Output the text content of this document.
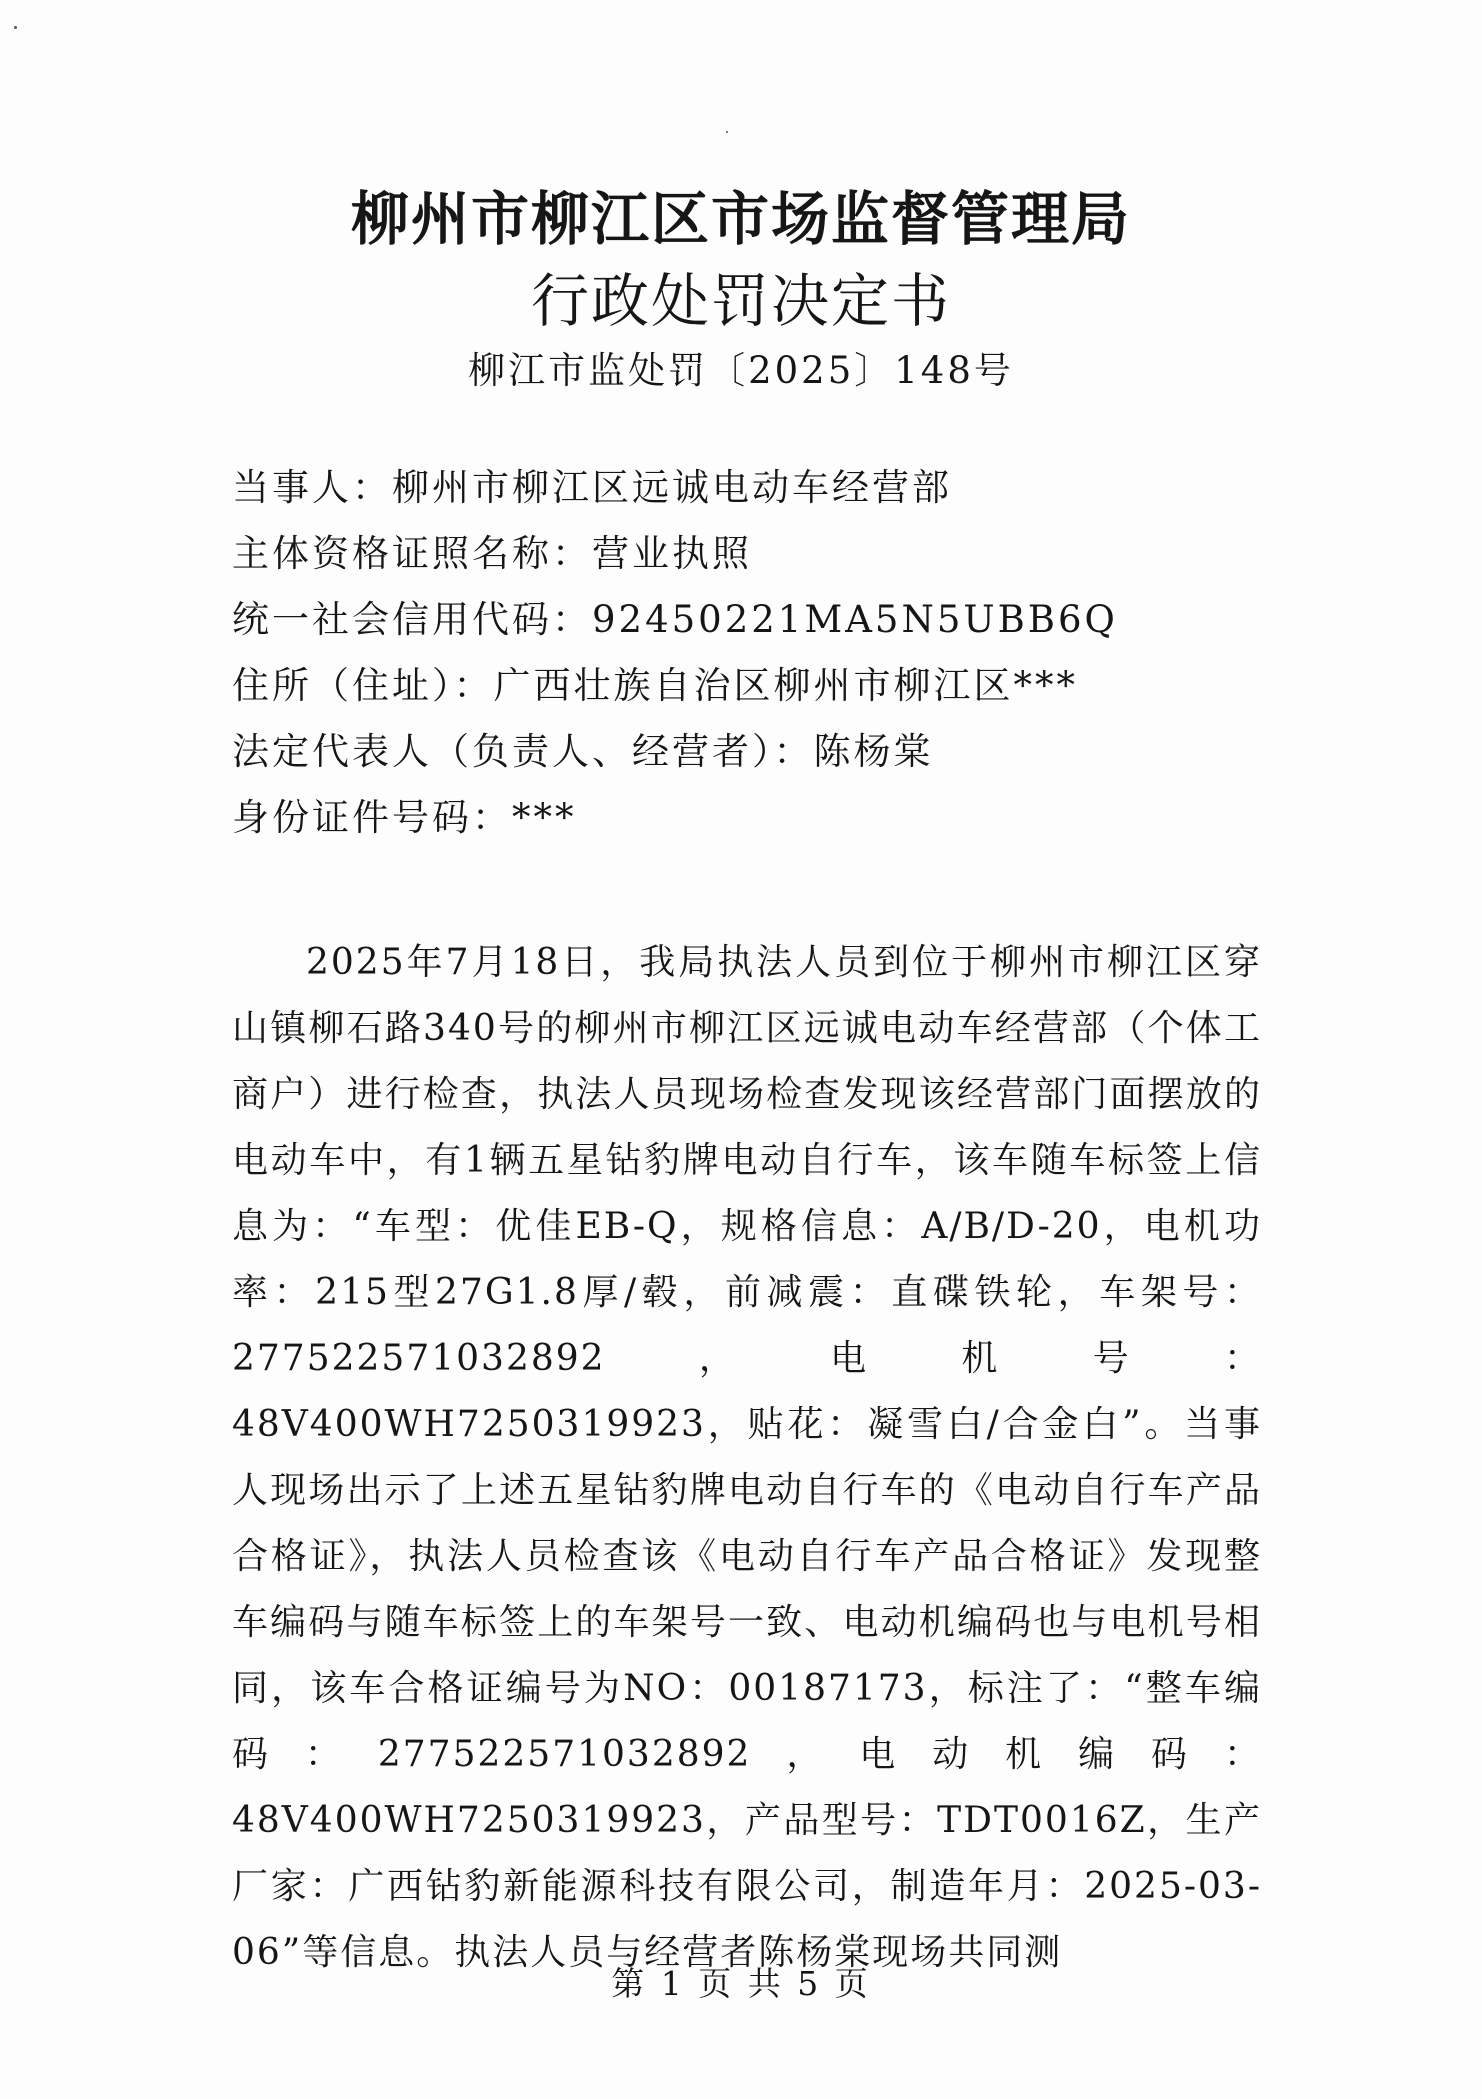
柳州市柳江区市场监督管理局
行政处罚决定书
柳江市监处罚〔2025〕148号
当事人：柳州市柳江区远诚电动车经营部
主体资格证照名称：营业执照
统一社会信用代码：92450221MA5N5UBB6Q
住所（住址）：广西壮族自治区柳州市柳江区***
法定代表人（负责人、经营者）：陈杨棠
身份证件号码：***

2025年7月18日，我局执法人员到位于柳州市柳江区穿山镇柳石路340号的柳州市柳江区远诚电动车经营部（个体工商户）进行检查，执法人员现场检查发现该经营部门面摆放的电动车中，有1辆五星钻豹牌电动自行车，该车随车标签上信息为：“车型：优佳EB-Q，规格信息：A/B/D-20，电机功率：215型27G1.8厚/毂，前减震：直碟铁轮，车架号：277522571032892，电机号：48V400WH7250319923，贴花：凝雪白/合金白”。当事人现场出示了上述五星钻豹牌电动自行车的《电动自行车产品合格证》，执法人员检查该《电动自行车产品合格证》发现整车编码与随车标签上的车架号一致、电动机编码也与电机号相同，该车合格证编号为NO：00187173，标注了：“整车编码：277522571032892，电动机编码：48V400WH7250319923，产品型号：TDT0016Z，生产厂家：广西钻豹新能源科技有限公司，制造年月：2025-03-06”等信息。执法人员与经营者陈杨棠现场共同测

第 1 页 共 5 页
